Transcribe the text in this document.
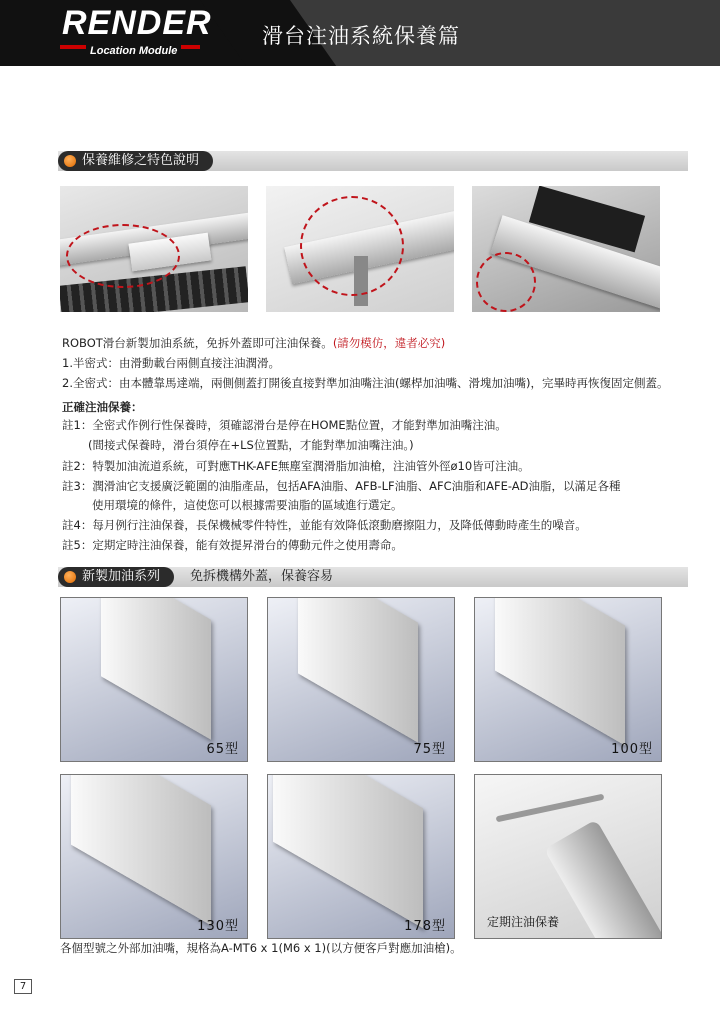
RENDER
Location Module
滑台注油系統保養篇
保養維修之特色說明
ROBOT滑台新製加油系統，免拆外蓋即可注油保養。(請勿模仿，違者必究)
1.半密式：由滑動載台兩側直接注油潤滑。
2.全密式：由本體靠馬達端，兩側側蓋打開後直接對準加油嘴注油(螺桿加油嘴、滑塊加油嘴)，完畢時再恢復固定側蓋。
正確注油保養：
註1：全密式作例行性保養時，須確認滑台是停在HOME點位置，才能對準加油嘴注油。
(間接式保養時，滑台須停在+LS位置點，才能對準加油嘴注油。)
註2：特製加油流道系統，可對應THK-AFE無塵室潤滑脂加油槍，注油管外徑ø10皆可注油。
註3：潤滑油它支援廣泛範圍的油脂產品，包括AFA油脂、AFB-LF油脂、AFC油脂和AFE-AD油脂，以滿足各種
使用環境的條件，這使您可以根據需要油脂的區域進行選定。
註4：每月例行注油保養，長保機械零件特性，並能有效降低滾動磨擦阻力，及降低傳動時產生的噪音。
註5：定期定時注油保養，能有效提昇滑台的傳動元件之使用壽命。
新製加油系列	免拆機構外蓋，保養容易
65型	75型	100型
130型	178型	定期注油保養
各個型號之外部加油嘴，規格為A-MT6 x 1(M6 x 1)(以方便客戶對應加油槍)。
7
